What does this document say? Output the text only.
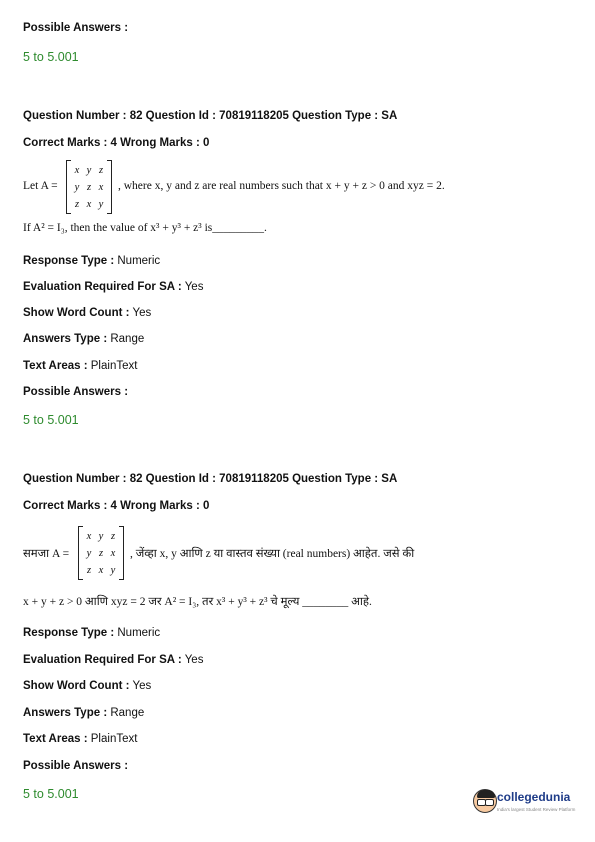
Possible Answers :
5 to 5.001
Question Number : 82 Question Id : 70819118205 Question Type : SA
Correct Marks : 4 Wrong Marks : 0
Let A =
x y z
y z x
z x y
, where x, y and z are real numbers such that x + y + z > 0 and xyz = 2.
If A² = I₃, then the value of x³ + y³ + z³ is_________.
Response Type : Numeric
Evaluation Required For SA : Yes
Show Word Count : Yes
Answers Type : Range
Text Areas : PlainText
Possible Answers :
5 to 5.001
Question Number : 82 Question Id : 70819118205 Question Type : SA
Correct Marks : 4 Wrong Marks : 0
समजा A =
x y z
y z x
z x y
, जेंव्हा x, y आणि z या वास्तव संख्या (real numbers) आहेत. जसे की
x + y + z > 0 आणि xyz = 2 जर A² = I₃, तर x³ + y³ + z³ चे मूल्य ________ आहे.
Response Type : Numeric
Evaluation Required For SA : Yes
Show Word Count : Yes
Answers Type : Range
Text Areas : PlainText
Possible Answers :
5 to 5.001	collegedunia
India's largest Student Review Platform
